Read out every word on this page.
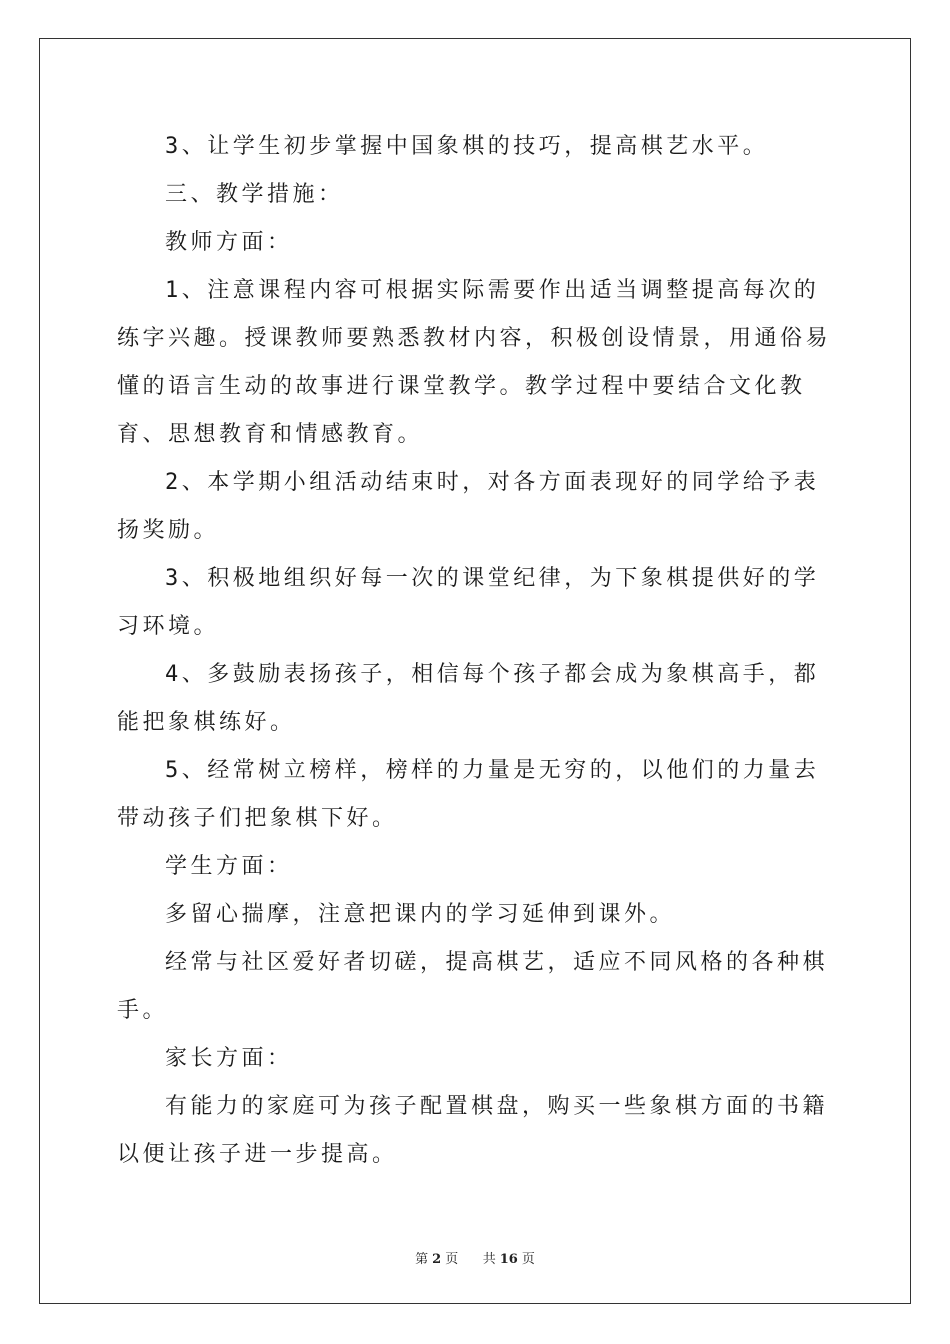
3、让学生初步掌握中国象棋的技巧，提高棋艺水平。

三、教学措施：

教师方面：

1、注意课程内容可根据实际需要作出适当调整提高每次的练字兴趣。授课教师要熟悉教材内容，积极创设情景，用通俗易懂的语言生动的故事进行课堂教学。教学过程中要结合文化教育、思想教育和情感教育。

2、本学期小组活动结束时，对各方面表现好的同学给予表扬奖励。

3、积极地组织好每一次的课堂纪律，为下象棋提供好的学习环境。

4、多鼓励表扬孩子，相信每个孩子都会成为象棋高手，都能把象棋练好。

5、经常树立榜样，榜样的力量是无穷的，以他们的力量去带动孩子们把象棋下好。

学生方面：

多留心揣摩，注意把课内的学习延伸到课外。

经常与社区爱好者切磋，提高棋艺，适应不同风格的各种棋手。

家长方面：

有能力的家庭可为孩子配置棋盘，购买一些象棋方面的书籍以便让孩子进一步提高。

第 2 页 共 16 页
